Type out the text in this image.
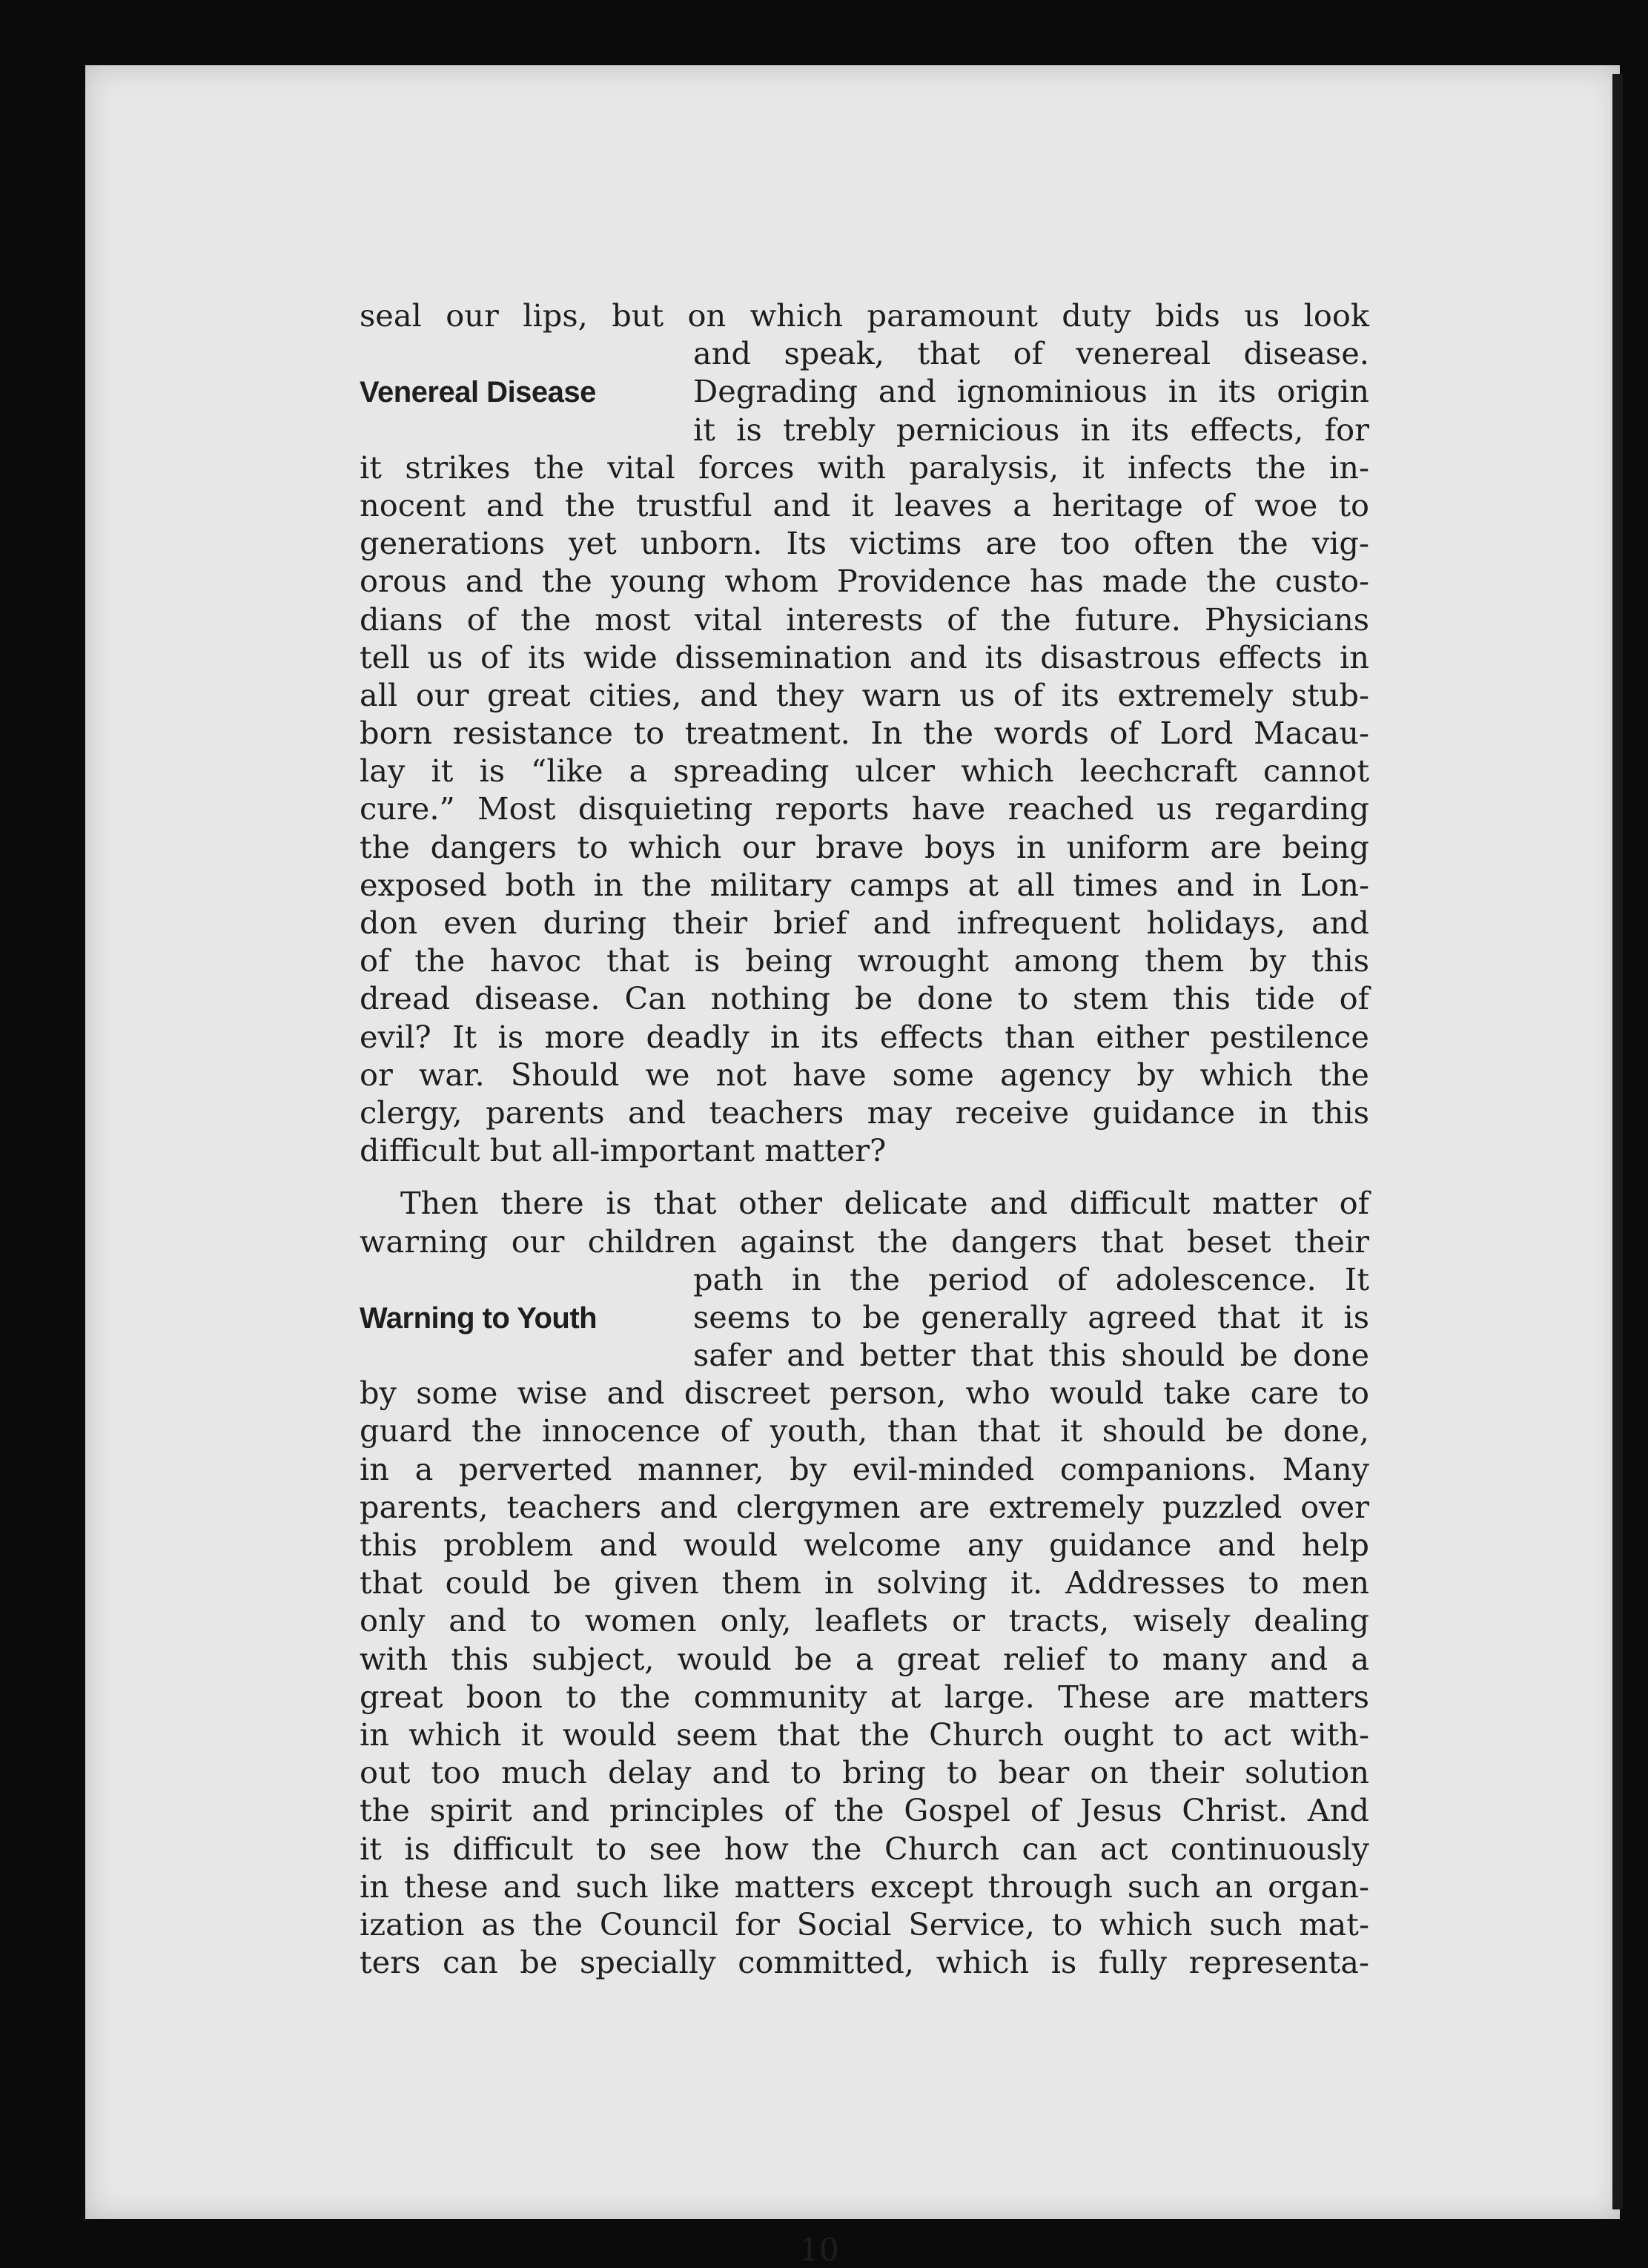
seal our lips, but on which paramount duty bids us look
and speak, that of venereal disease.
Venereal Disease	Degrading and ignominious in its origin
it is trebly pernicious in its effects, for
it strikes the vital forces with paralysis, it infects the in-
nocent and the trustful and it leaves a heritage of woe to
generations yet unborn. Its victims are too often the vig-
orous and the young whom Providence has made the custo-
dians of the most vital interests of the future. Physicians
tell us of its wide dissemination and its disastrous effects in
all our great cities, and they warn us of its extremely stub-
born resistance to treatment. In the words of Lord Macau-
lay it is “like a spreading ulcer which leechcraft cannot
cure.” Most disquieting reports have reached us regarding
the dangers to which our brave boys in uniform are being
exposed both in the military camps at all times and in Lon-
don even during their brief and infrequent holidays, and
of the havoc that is being wrought among them by this
dread disease. Can nothing be done to stem this tide of
evil? It is more deadly in its effects than either pestilence
or war. Should we not have some agency by which the
clergy, parents and teachers may receive guidance in this
difficult but all-important matter?
Then there is that other delicate and difficult matter of
warning our children against the dangers that beset their
path in the period of adolescence. It
Warning to Youth	seems to be generally agreed that it is
safer and better that this should be done
by some wise and discreet person, who would take care to
guard the innocence of youth, than that it should be done,
in a perverted manner, by evil-minded companions. Many
parents, teachers and clergymen are extremely puzzled over
this problem and would welcome any guidance and help
that could be given them in solving it. Addresses to men
only and to women only, leaflets or tracts, wisely dealing
with this subject, would be a great relief to many and a
great boon to the community at large. These are matters
in which it would seem that the Church ought to act with-
out too much delay and to bring to bear on their solution
the spirit and principles of the Gospel of Jesus Christ. And
it is difficult to see how the Church can act continuously
in these and such like matters except through such an organ-
ization as the Council for Social Service, to which such mat-
ters can be specially committed, which is fully representa-
10
